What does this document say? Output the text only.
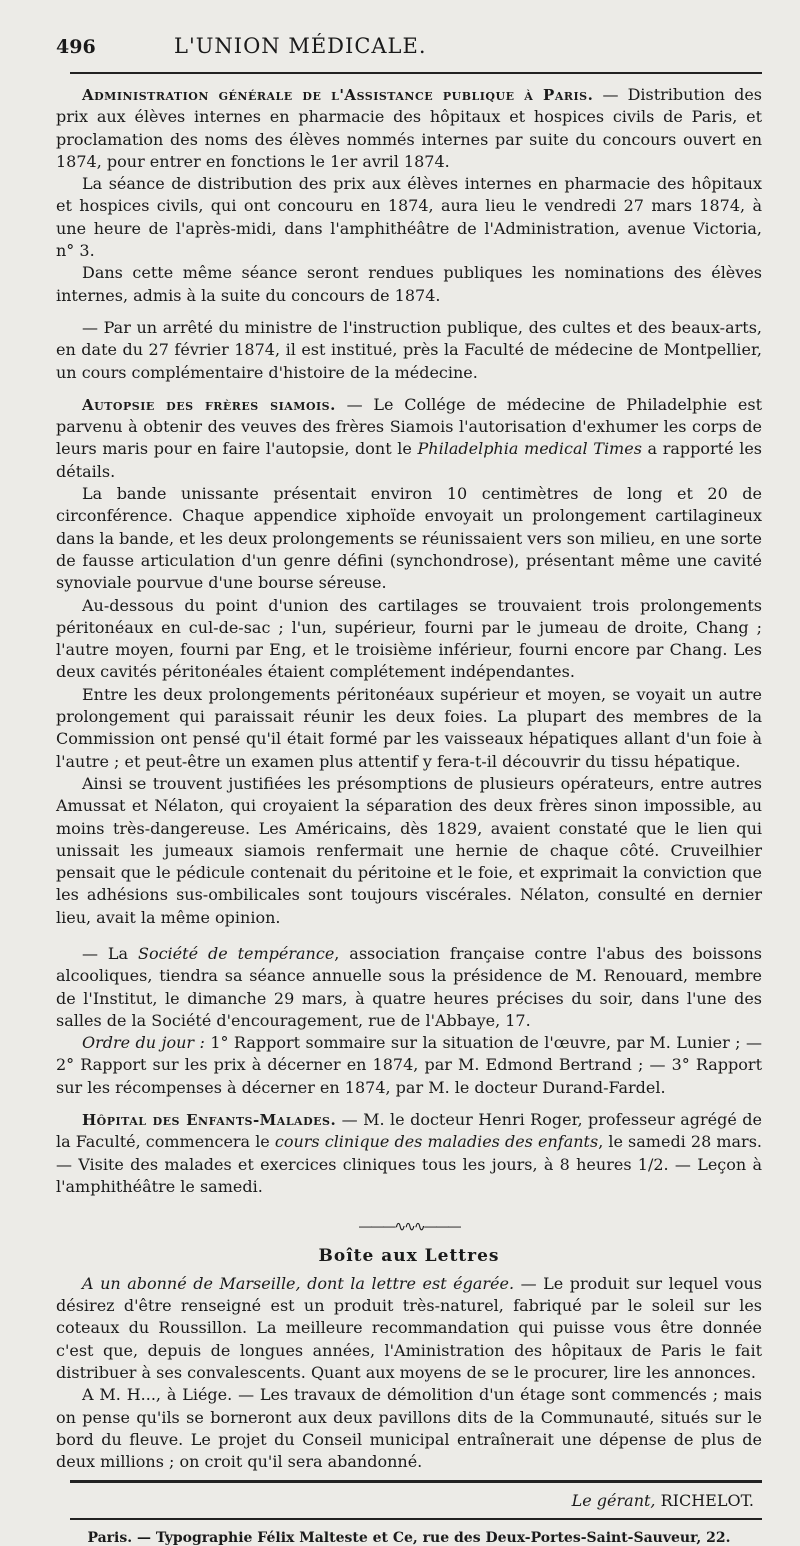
496	L'UNION MÉDICALE.

Administration générale de l'Assistance publique à Paris. — Distribution des prix aux élèves internes en pharmacie des hôpitaux et hospices civils de Paris, et proclamation des noms des élèves nommés internes par suite du concours ouvert en 1874, pour entrer en fonctions le 1er avril 1874.

La séance de distribution des prix aux élèves internes en pharmacie des hôpitaux et hospices civils, qui ont concouru en 1874, aura lieu le vendredi 27 mars 1874, à une heure de l'après-midi, dans l'amphithéâtre de l'Administration, avenue Victoria, n° 3.

Dans cette même séance seront rendues publiques les nominations des élèves internes, admis à la suite du concours de 1874.

— Par un arrêté du ministre de l'instruction publique, des cultes et des beaux-arts, en date du 27 février 1874, il est institué, près la Faculté de médecine de Montpellier, un cours complémentaire d'histoire de la médecine.

Autopsie des frères siamois. — Le Collége de médecine de Philadelphie est parvenu à obtenir des veuves des frères Siamois l'autorisation d'exhumer les corps de leurs maris pour en faire l'autopsie, dont le Philadelphia medical Times a rapporté les détails.

La bande unissante présentait environ 10 centimètres de long et 20 de circonférence. Chaque appendice xiphoïde envoyait un prolongement cartilagineux dans la bande, et les deux prolongements se réunissaient vers son milieu, en une sorte de fausse articulation d'un genre défini (synchondrose), présentant même une cavité synoviale pourvue d'une bourse séreuse.

Au-dessous du point d'union des cartilages se trouvaient trois prolongements péritonéaux en cul-de-sac ; l'un, supérieur, fourni par le jumeau de droite, Chang ; l'autre moyen, fourni par Eng, et le troisième inférieur, fourni encore par Chang. Les deux cavités péritonéales étaient complétement indépendantes.

Entre les deux prolongements péritonéaux supérieur et moyen, se voyait un autre prolongement qui paraissait réunir les deux foies. La plupart des membres de la Commission ont pensé qu'il était formé par les vaisseaux hépatiques allant d'un foie à l'autre ; et peut-être un examen plus attentif y fera-t-il découvrir du tissu hépatique.

Ainsi se trouvent justifiées les présomptions de plusieurs opérateurs, entre autres Amussat et Nélaton, qui croyaient la séparation des deux frères sinon impossible, au moins très-dangereuse. Les Américains, dès 1829, avaient constaté que le lien qui unissait les jumeaux siamois renfermait une hernie de chaque côté. Cruveilhier pensait que le pédicule contenait du péritoine et le foie, et exprimait la conviction que les adhésions sus-ombilicales sont toujours viscérales. Nélaton, consulté en dernier lieu, avait la même opinion.

— La Société de tempérance, association française contre l'abus des boissons alcooliques, tiendra sa séance annuelle sous la présidence de M. Renouard, membre de l'Institut, le dimanche 29 mars, à quatre heures précises du soir, dans l'une des salles de la Société d'encouragement, rue de l'Abbaye, 17.

Ordre du jour : 1° Rapport sommaire sur la situation de l'œuvre, par M. Lunier ; — 2° Rapport sur les prix à décerner en 1874, par M. Edmond Bertrand ; — 3° Rapport sur les récompenses à décerner en 1874, par M. le docteur Durand-Fardel.

Hôpital des Enfants-Malades. — M. le docteur Henri Roger, professeur agrégé de la Faculté, commencera le cours clinique des maladies des enfants, le samedi 28 mars. — Visite des malades et exercices cliniques tous les jours, à 8 heures 1/2. — Leçon à l'amphithéâtre le samedi.

———∿∿∿———
Boîte aux Lettres

A un abonné de Marseille, dont la lettre est égarée. — Le produit sur lequel vous désirez d'être renseigné est un produit très-naturel, fabriqué par le soleil sur les coteaux du Roussillon. La meilleure recommandation qui puisse vous être donnée c'est que, depuis de longues années, l'Aministration des hôpitaux de Paris le fait distribuer à ses convalescents. Quant aux moyens de se le procurer, lire les annonces.

A M. H..., à Liége. — Les travaux de démolition d'un étage sont commencés ; mais on pense qu'ils se borneront aux deux pavillons dits de la Communauté, situés sur le bord du fleuve. Le projet du Conseil municipal entraînerait une dépense de plus de deux millions ; on croit qu'il sera abandonné.

Le gérant, RICHELOT.
Paris. — Typographie Félix Malteste et Ce, rue des Deux-Portes-Saint-Sauveur, 22.
